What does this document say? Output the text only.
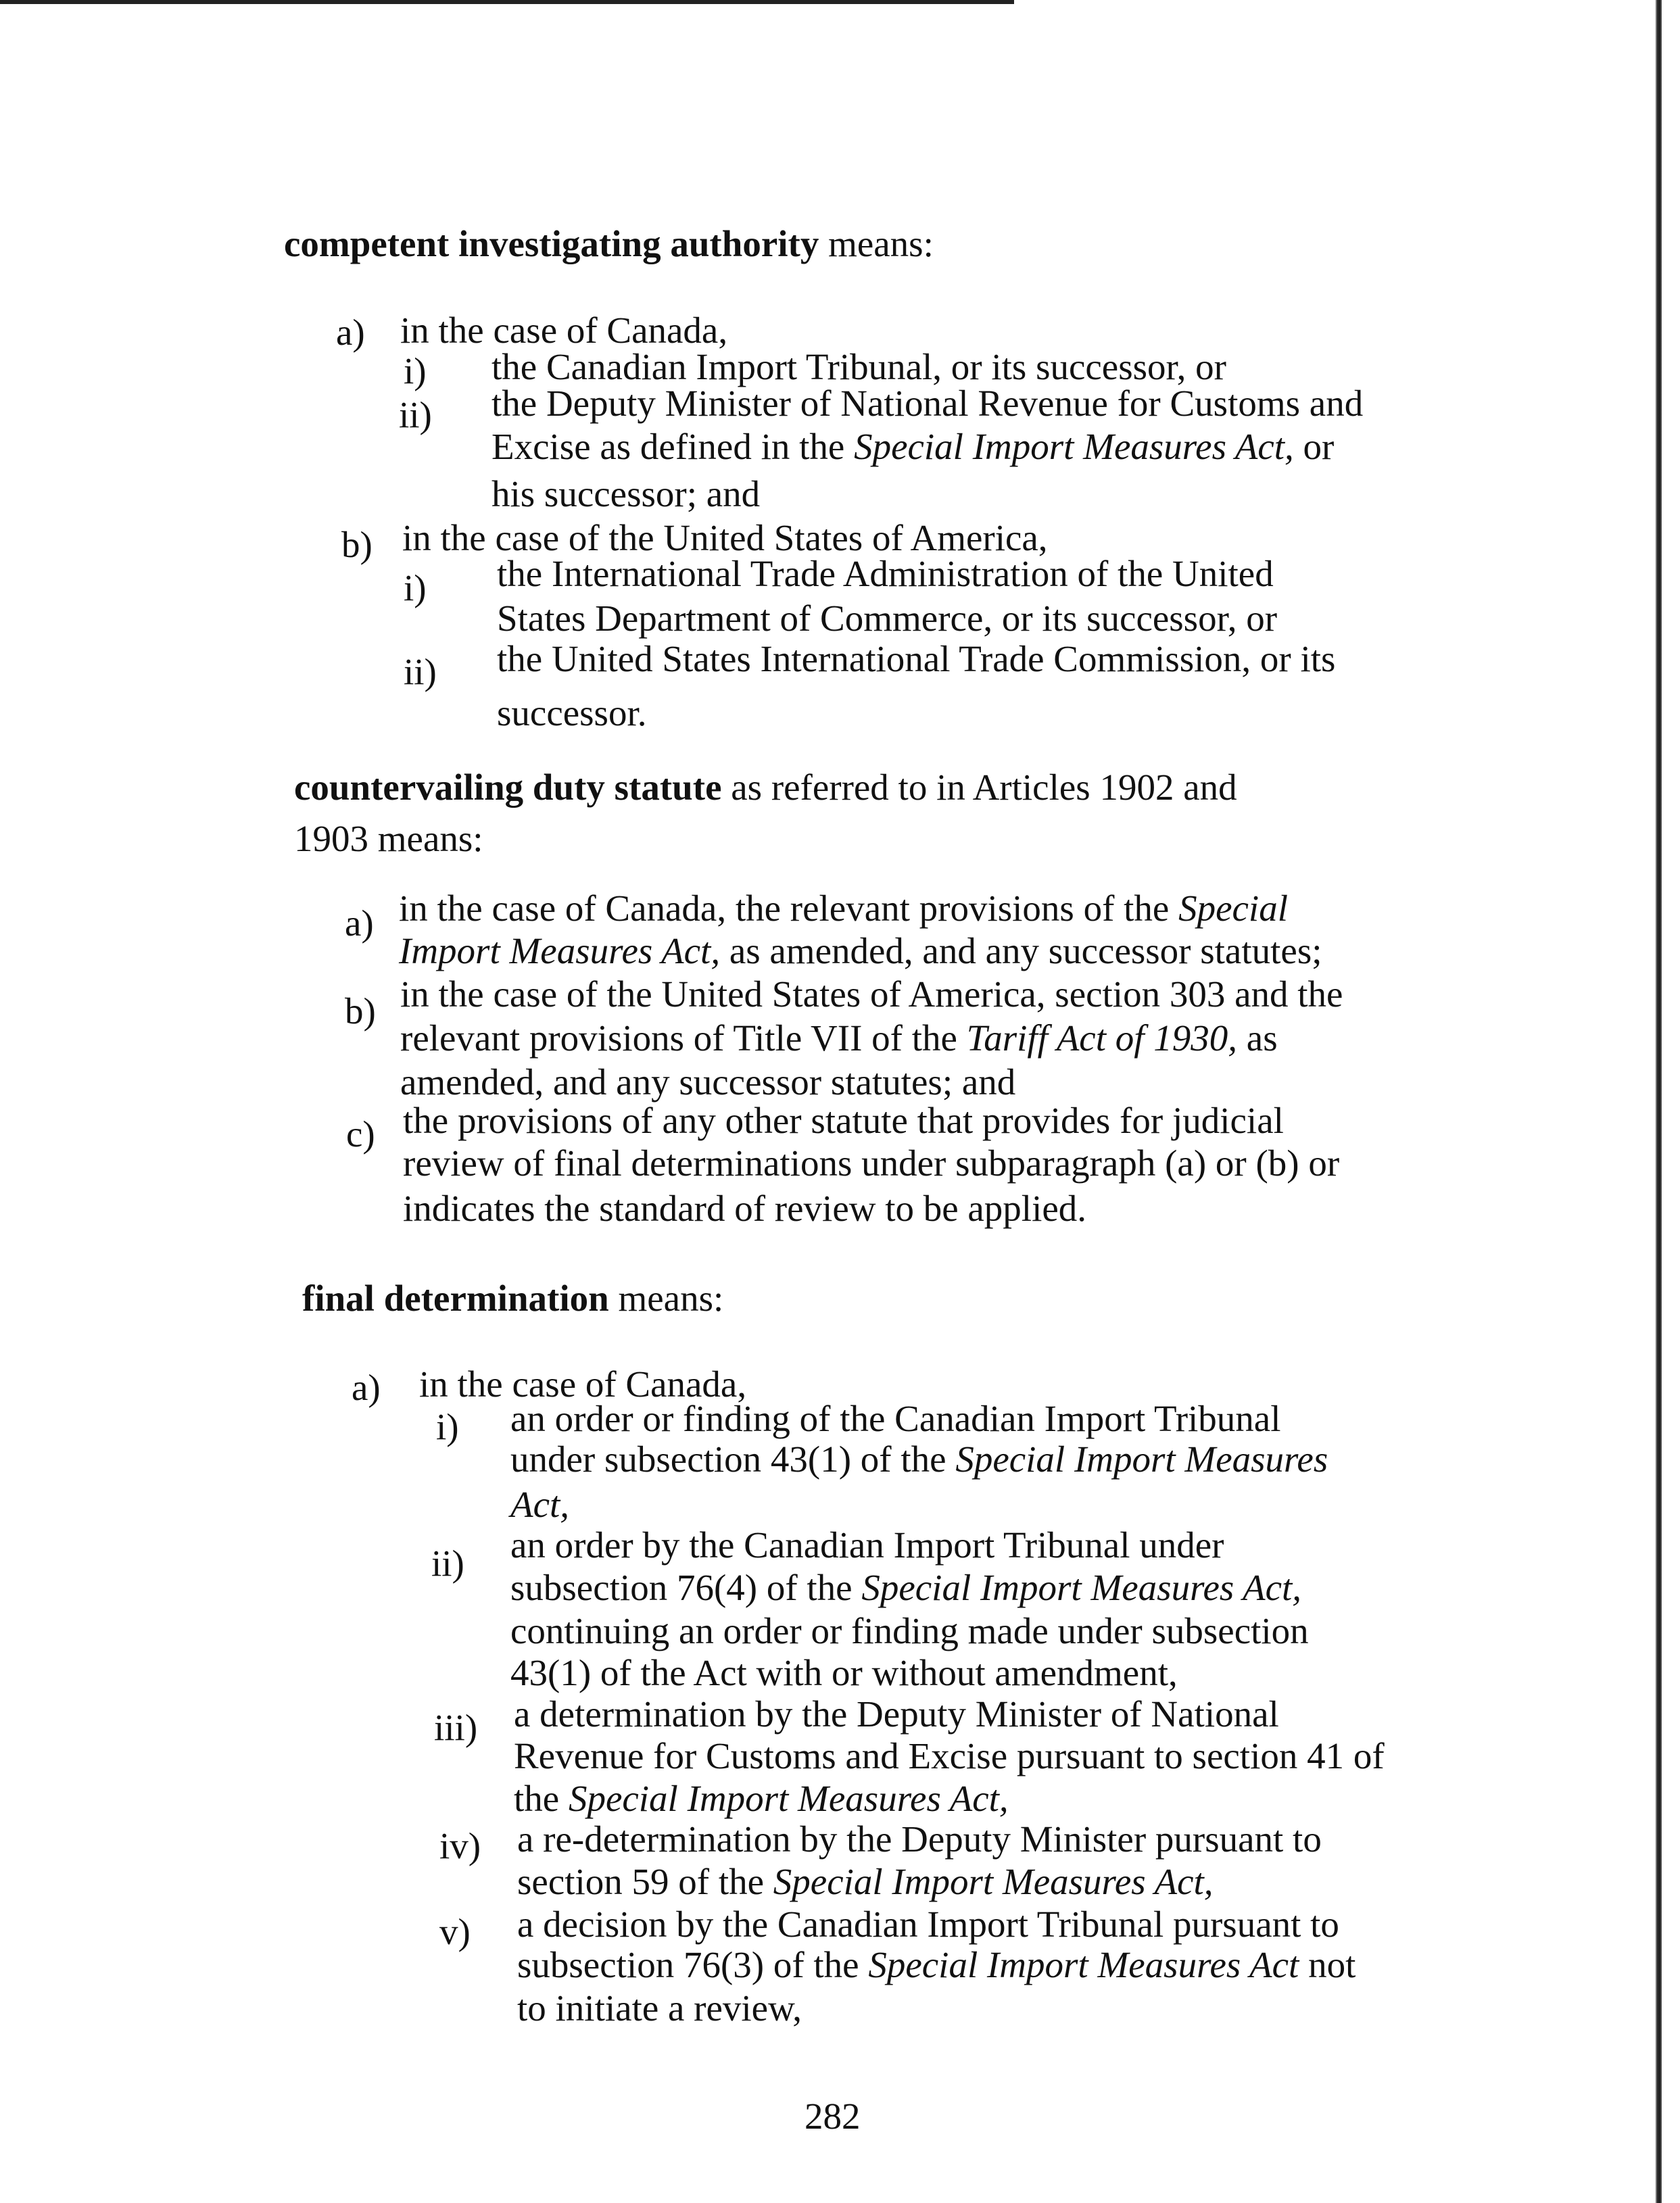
competent investigating authority means:
a) in the case of Canada,
i) the Canadian Import Tribunal, or its successor, or
ii) the Deputy Minister of National Revenue for Customs and
Excise as defined in the Special Import Measures Act, or
his successor; and
b) in the case of the United States of America,
i) the International Trade Administration of the United
States Department of Commerce, or its successor, or
ii) the United States International Trade Commission, or its
successor.
countervailing duty statute as referred to in Articles 1902 and
1903 means:
a) in the case of Canada, the relevant provisions of the Special
Import Measures Act, as amended, and any successor statutes;
b) in the case of the United States of America, section 303 and the
relevant provisions of Title VII of the Tariff Act of 1930, as
amended, and any successor statutes; and
c) the provisions of any other statute that provides for judicial
review of final determinations under subparagraph (a) or (b) or
indicates the standard of review to be applied.
final determination means:
a) in the case of Canada,
i) an order or finding of the Canadian Import Tribunal
under subsection 43(1) of the Special Import Measures
Act,
ii) an order by the Canadian Import Tribunal under
subsection 76(4) of the Special Import Measures Act,
continuing an order or finding made under subsection
43(1) of the Act with or without amendment,
iii) a determination by the Deputy Minister of National
Revenue for Customs and Excise pursuant to section 41 of
the Special Import Measures Act,
iv) a re-determination by the Deputy Minister pursuant to
section 59 of the Special Import Measures Act,
v) a decision by the Canadian Import Tribunal pursuant to
subsection 76(3) of the Special Import Measures Act not
to initiate a review,
282
